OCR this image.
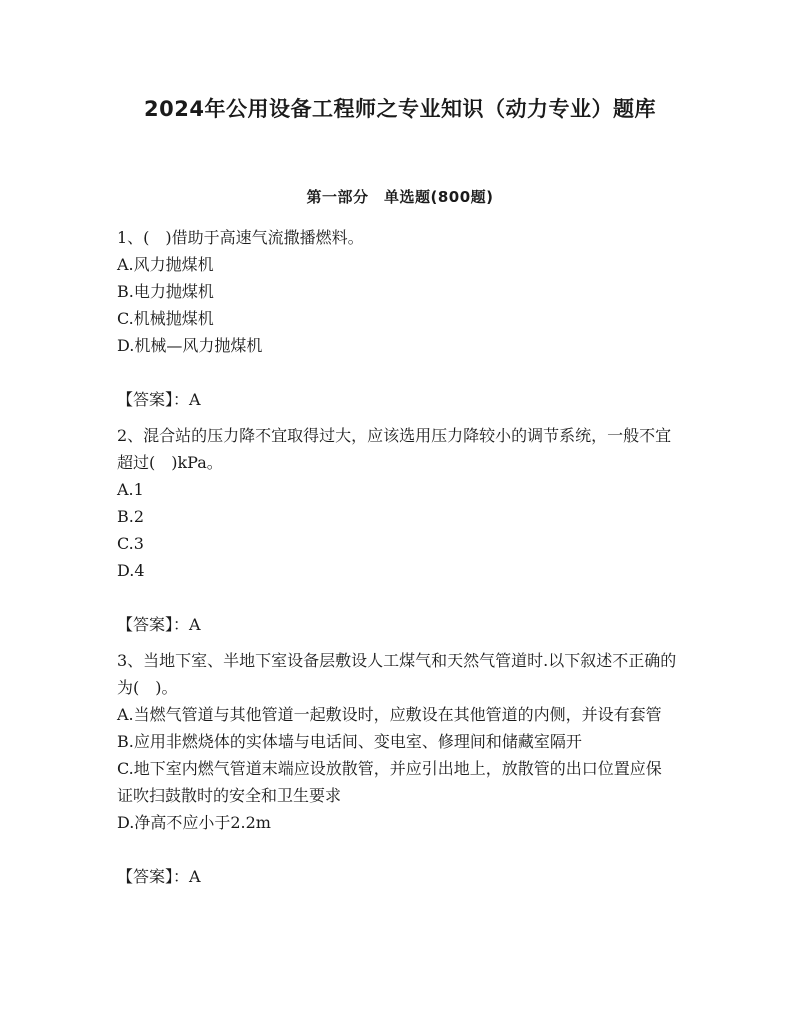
2024年公用设备工程师之专业知识（动力专业）题库
第一部分　单选题(800题)

1、(　)借助于高速气流撒播燃料。

A.风力抛煤机

B.电力抛煤机

C.机械抛煤机

D.机械—风力抛煤机

【答案】：A

2、混合站的压力降不宜取得过大，应该选用压力降较小的调节系统，一般不宜超过(　)kPa。

A.1

B.2

C.3

D.4

【答案】：A

3、当地下室、半地下室设备层敷设人工煤气和天然气管道时.以下叙述不正确的为(　)。

A.当燃气管道与其他管道一起敷设时，应敷设在其他管道的内侧，并设有套管

B.应用非燃烧体的实体墙与电话间、变电室、修理间和储藏室隔开

C.地下室内燃气管道末端应设放散管，并应引出地上，放散管的出口位置应保证吹扫鼓散时的安全和卫生要求

D.净高不应小于2.2m

【答案】：A
